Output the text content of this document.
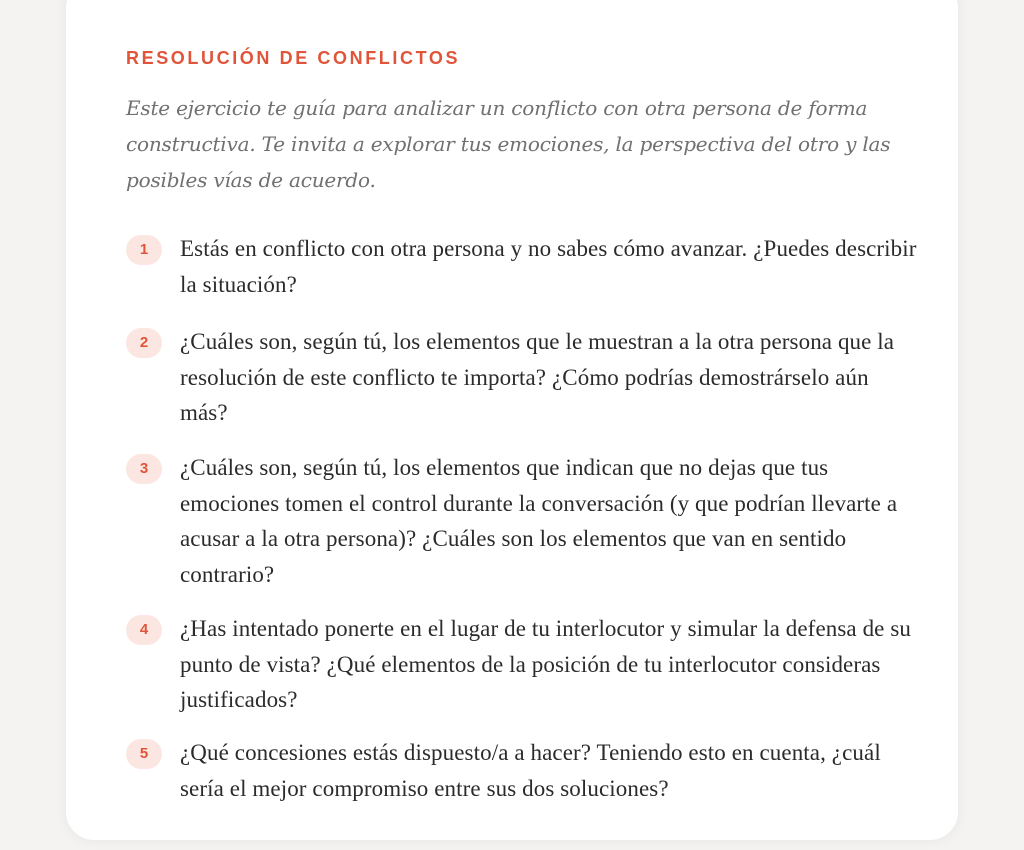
RESOLUCIÓN DE CONFLICTOS
Este ejercicio te guía para analizar un conflicto con otra persona de forma constructiva. Te invita a explorar tus emociones, la perspectiva del otro y las posibles vías de acuerdo.
1	Estás en conflicto con otra persona y no sabes cómo avanzar. ¿Puedes describir la situación?
2	¿Cuáles son, según tú, los elementos que le muestran a la otra persona que la resolución de este conflicto te importa? ¿Cómo podrías demostrárselo aún más?
3	¿Cuáles son, según tú, los elementos que indican que no dejas que tus emociones tomen el control durante la conversación (y que podrían llevarte a acusar a la otra persona)? ¿Cuáles son los elementos que van en sentido contrario?
4	¿Has intentado ponerte en el lugar de tu interlocutor y simular la defensa de su punto de vista? ¿Qué elementos de la posición de tu interlocutor consideras justificados?
5	¿Qué concesiones estás dispuesto/a a hacer? Teniendo esto en cuenta, ¿cuál sería el mejor compromiso entre sus dos soluciones?
